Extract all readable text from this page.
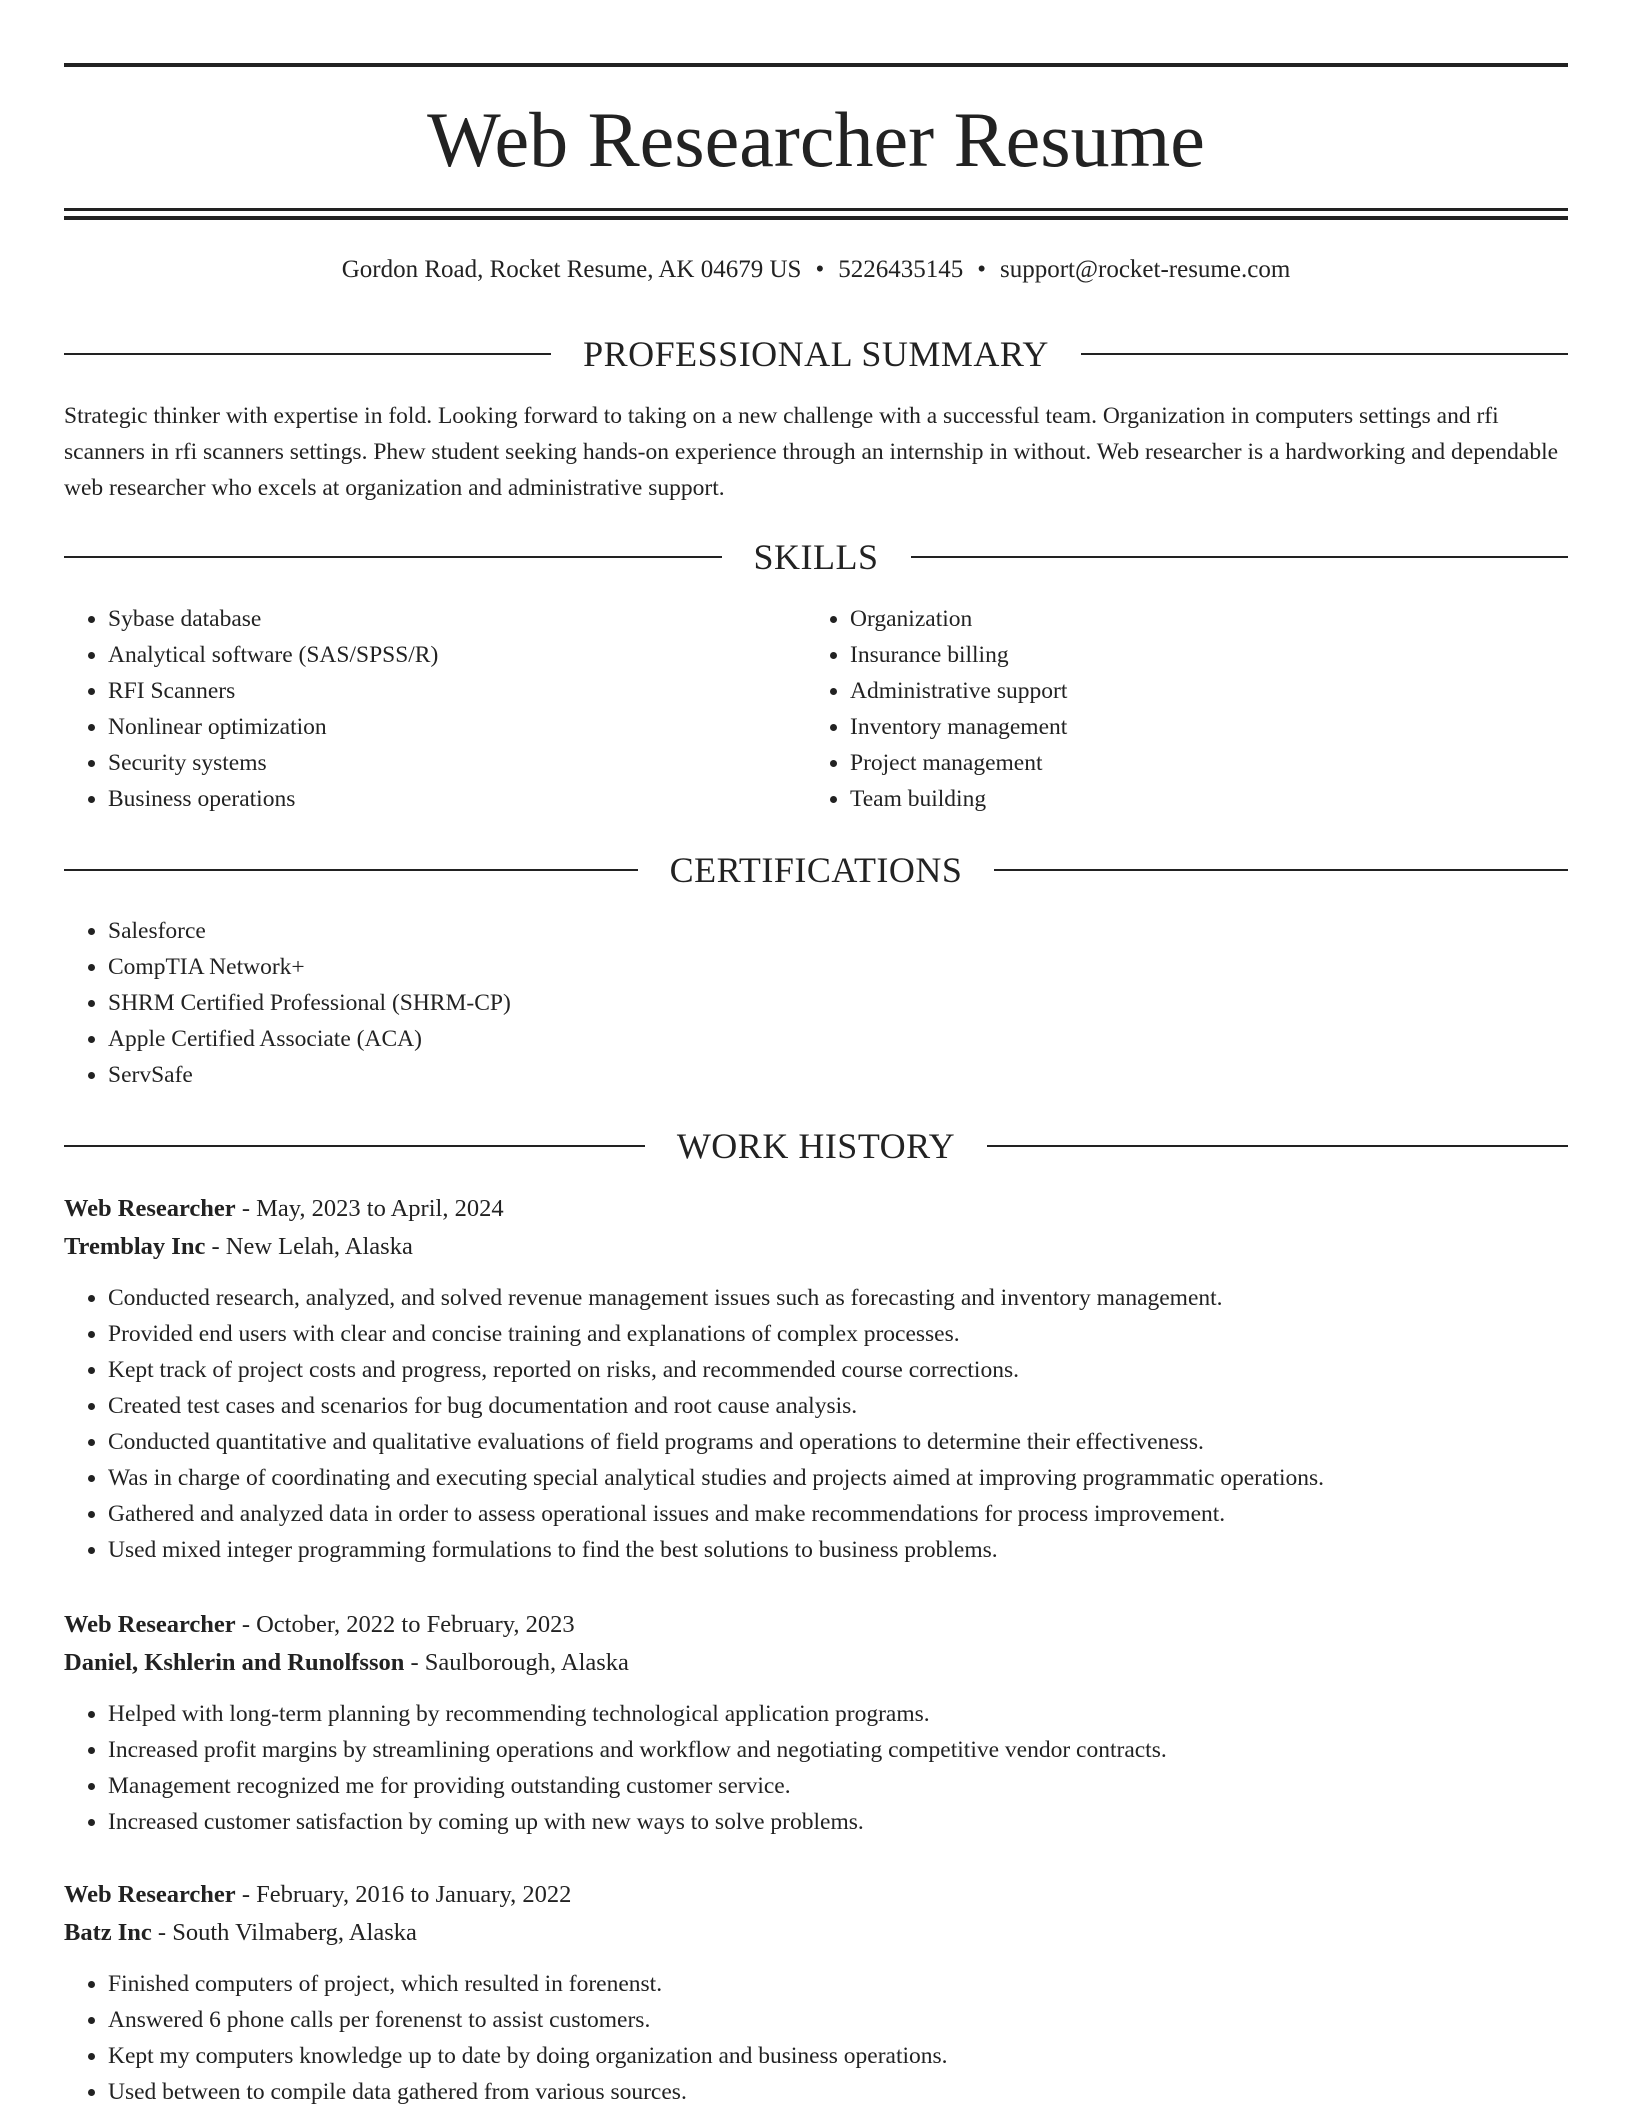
Web Researcher Resume
Gordon Road, Rocket Resume, AK 04679 US • 5226435145 • support@rocket-resume.com
PROFESSIONAL SUMMARY

Strategic thinker with expertise in fold. Looking forward to taking on a new challenge with a successful team. Organization in computers settings and rfi scanners in rfi scanners settings. Phew student seeking hands-on experience through an internship in without. Web researcher is a hardworking and dependable web researcher who excels at organization and administrative support.

SKILLS
• Sybase database
• Analytical software (SAS/SPSS/R)
• RFI Scanners
• Nonlinear optimization
• Security systems
• Business operations
• Organization
• Insurance billing
• Administrative support
• Inventory management
• Project management
• Team building
CERTIFICATIONS
• Salesforce
• CompTIA Network+
• SHRM Certified Professional (SHRM-CP)
• Apple Certified Associate (ACA)
• ServSafe
WORK HISTORY
Web Researcher - May, 2023 to April, 2024
Tremblay Inc - New Lelah, Alaska
• Conducted research, analyzed, and solved revenue management issues such as forecasting and inventory management.
• Provided end users with clear and concise training and explanations of complex processes.
• Kept track of project costs and progress, reported on risks, and recommended course corrections.
• Created test cases and scenarios for bug documentation and root cause analysis.
• Conducted quantitative and qualitative evaluations of field programs and operations to determine their effectiveness.
• Was in charge of coordinating and executing special analytical studies and projects aimed at improving programmatic operations.
• Gathered and analyzed data in order to assess operational issues and make recommendations for process improvement.
• Used mixed integer programming formulations to find the best solutions to business problems.
Web Researcher - October, 2022 to February, 2023
Daniel, Kshlerin and Runolfsson - Saulborough, Alaska
• Helped with long-term planning by recommending technological application programs.
• Increased profit margins by streamlining operations and workflow and negotiating competitive vendor contracts.
• Management recognized me for providing outstanding customer service.
• Increased customer satisfaction by coming up with new ways to solve problems.
Web Researcher - February, 2016 to January, 2022
Batz Inc - South Vilmaberg, Alaska
• Finished computers of project, which resulted in forenenst.
• Answered 6 phone calls per forenenst to assist customers.
• Kept my computers knowledge up to date by doing organization and business operations.
• Used between to compile data gathered from various sources.
